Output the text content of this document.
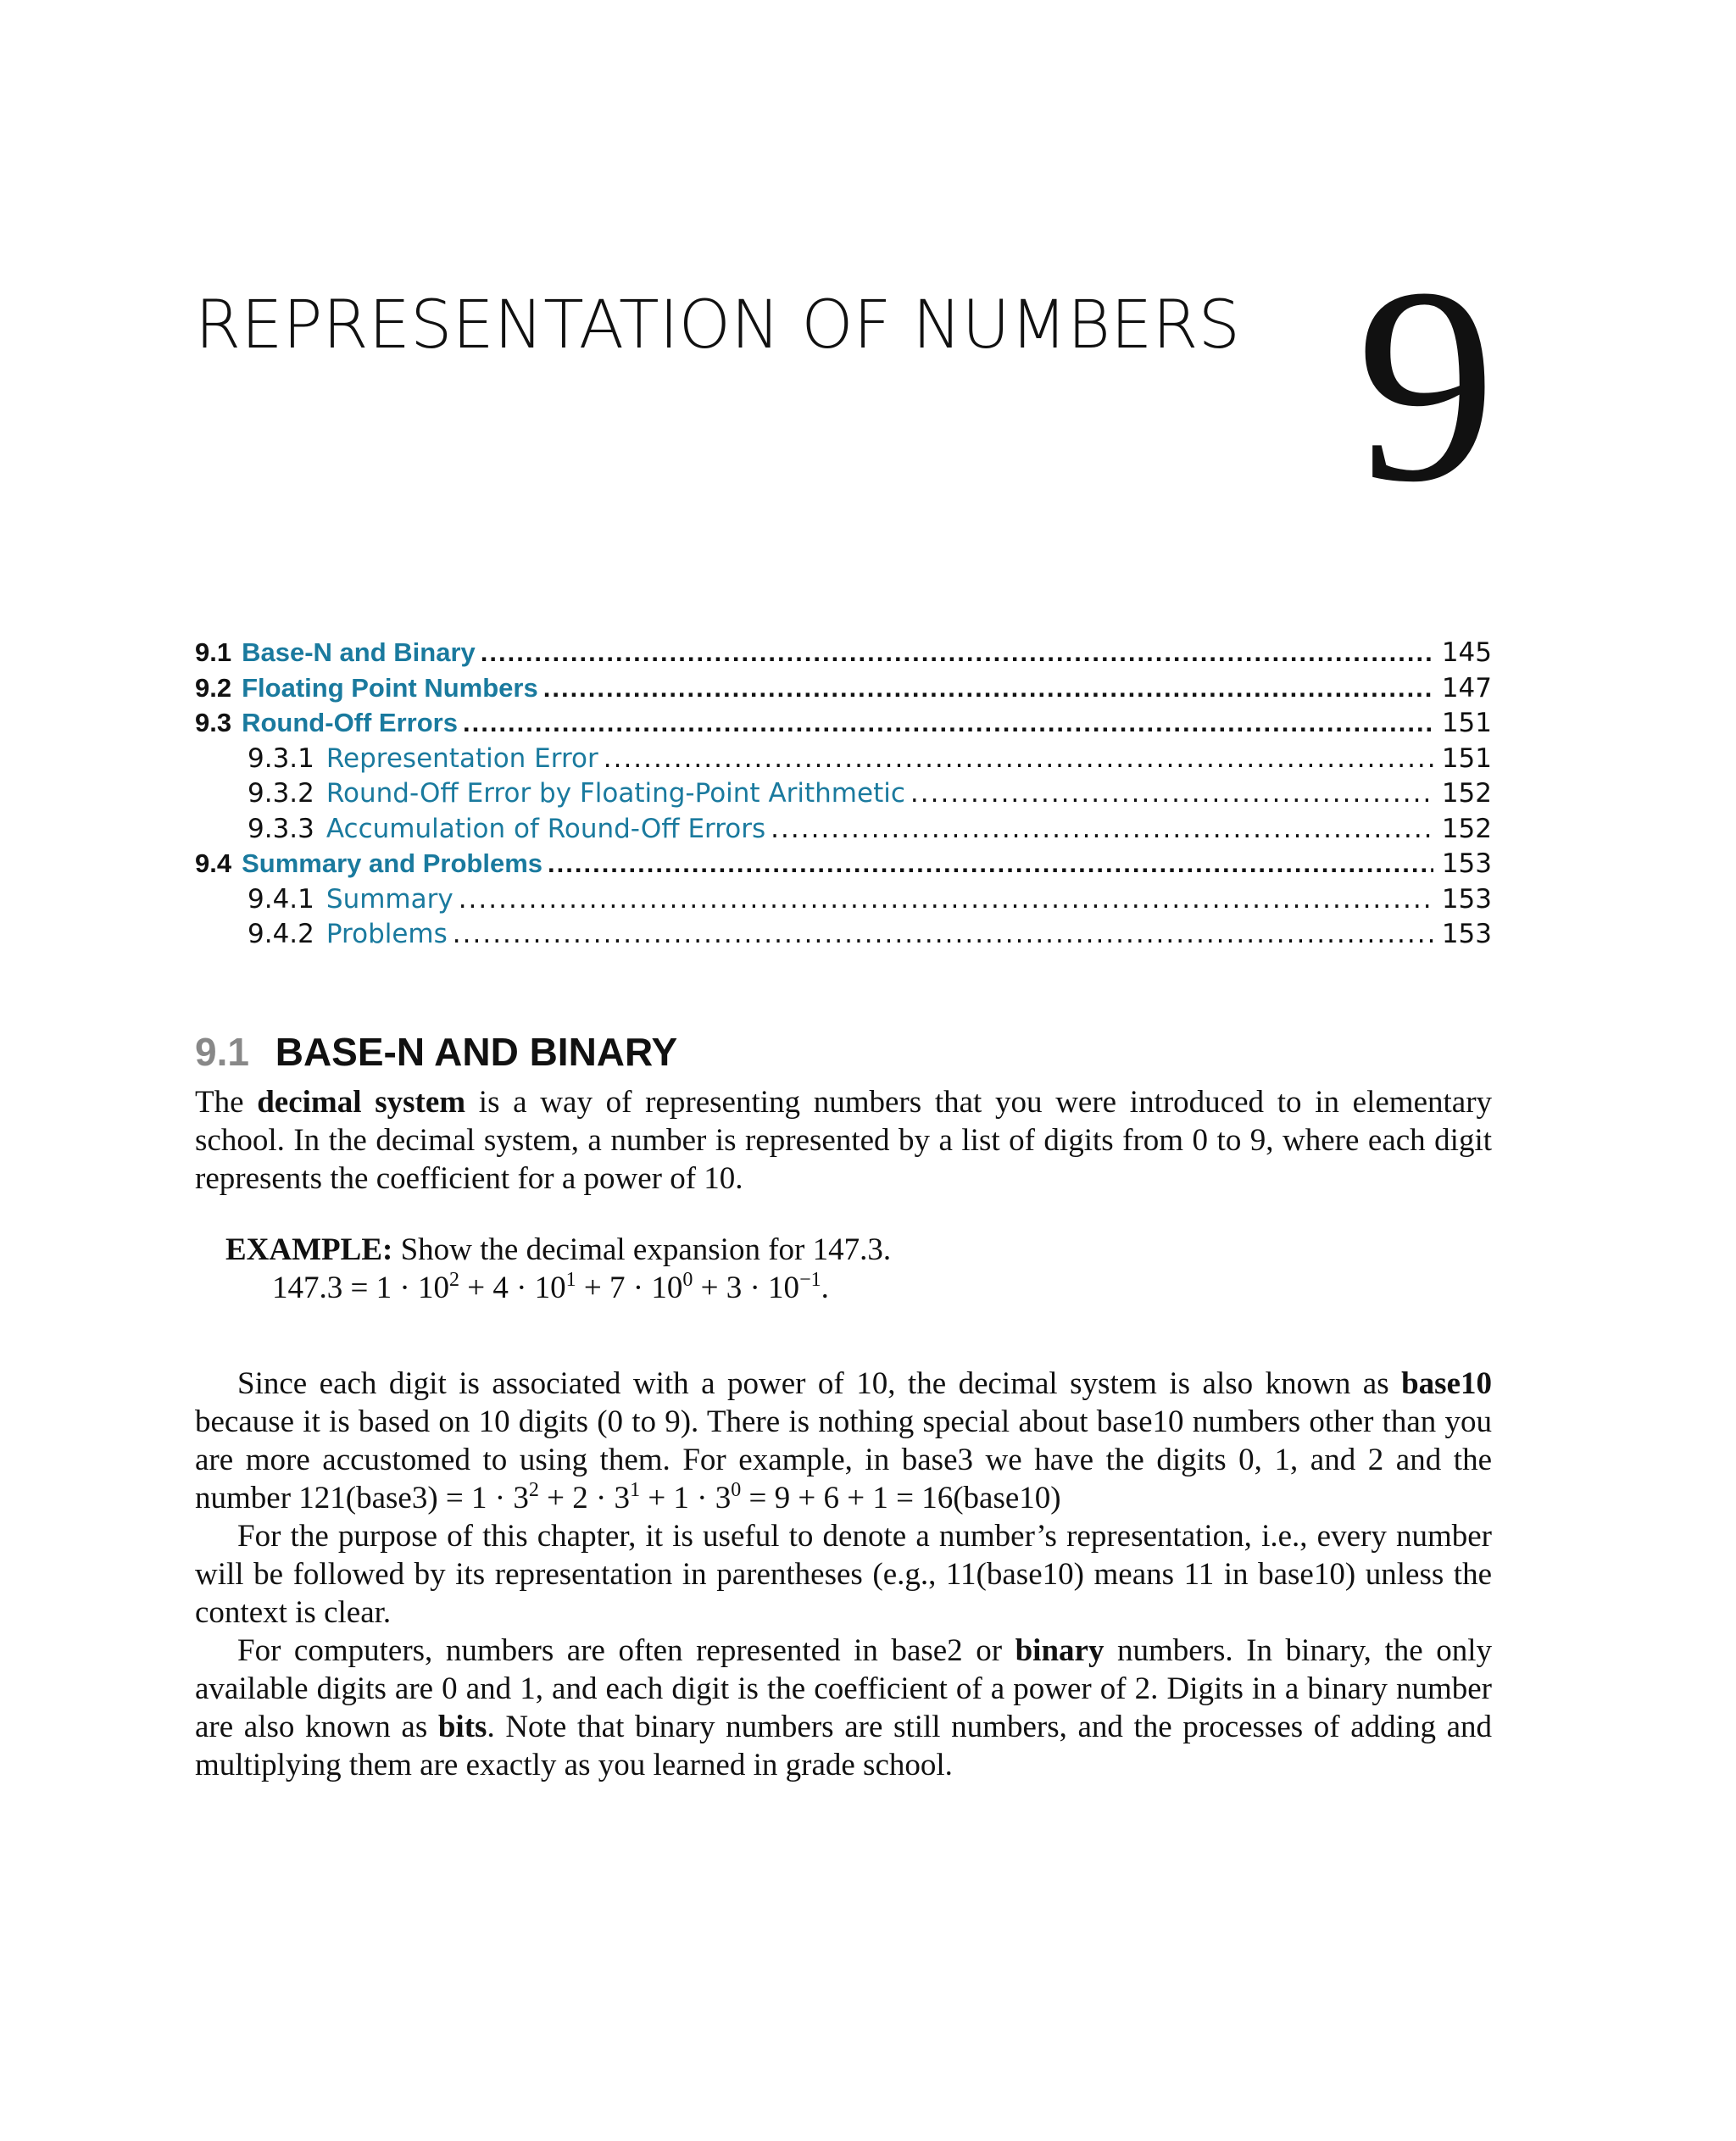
REPRESENTATION OF NUMBERS 9
9.1 Base-N and Binary .....	145
9.2 Floating Point Numbers .....	147
9.3 Round-Off Errors .....	151
9.3.1 Representation Error .....	151
9.3.2 Round-Off Error by Floating-Point Arithmetic .....	152
9.3.3 Accumulation of Round-Off Errors .....	152
9.4 Summary and Problems .....	153
9.4.1 Summary .....	153
9.4.2 Problems .....	153
9.1 BASE-N AND BINARY

The decimal system is a way of representing numbers that you were introduced to in elementary school. In the decimal system, a number is represented by a list of digits from 0 to 9, where each digit represents the coefficient for a power of 10.

EXAMPLE: Show the decimal expansion for 147.3.
$147.3 = 1 \cdot 10^2 + 4 \cdot 10^1 + 7 \cdot 10^0 + 3 \cdot 10^{-1}$.

Since each digit is associated with a power of 10, the decimal system is also known as base10 because it is based on 10 digits (0 to 9). There is nothing special about base10 numbers other than you are more accustomed to using them. For example, in base3 we have the digits 0, 1, and 2 and the number 121(base3) = $1 \cdot 3^2 + 2 \cdot 3^1 + 1 \cdot 3^0 = 9 + 6 + 1$ = 16(base10)

For the purpose of this chapter, it is useful to denote a number’s representation, i.e., every number will be followed by its representation in parentheses (e.g., 11(base10) means 11 in base10) unless the context is clear.

For computers, numbers are often represented in base2 or binary numbers. In binary, the only available digits are 0 and 1, and each digit is the coefficient of a power of 2. Digits in a binary number are also known as bits. Note that binary numbers are still numbers, and the processes of adding and multiplying them are exactly as you learned in grade school.
